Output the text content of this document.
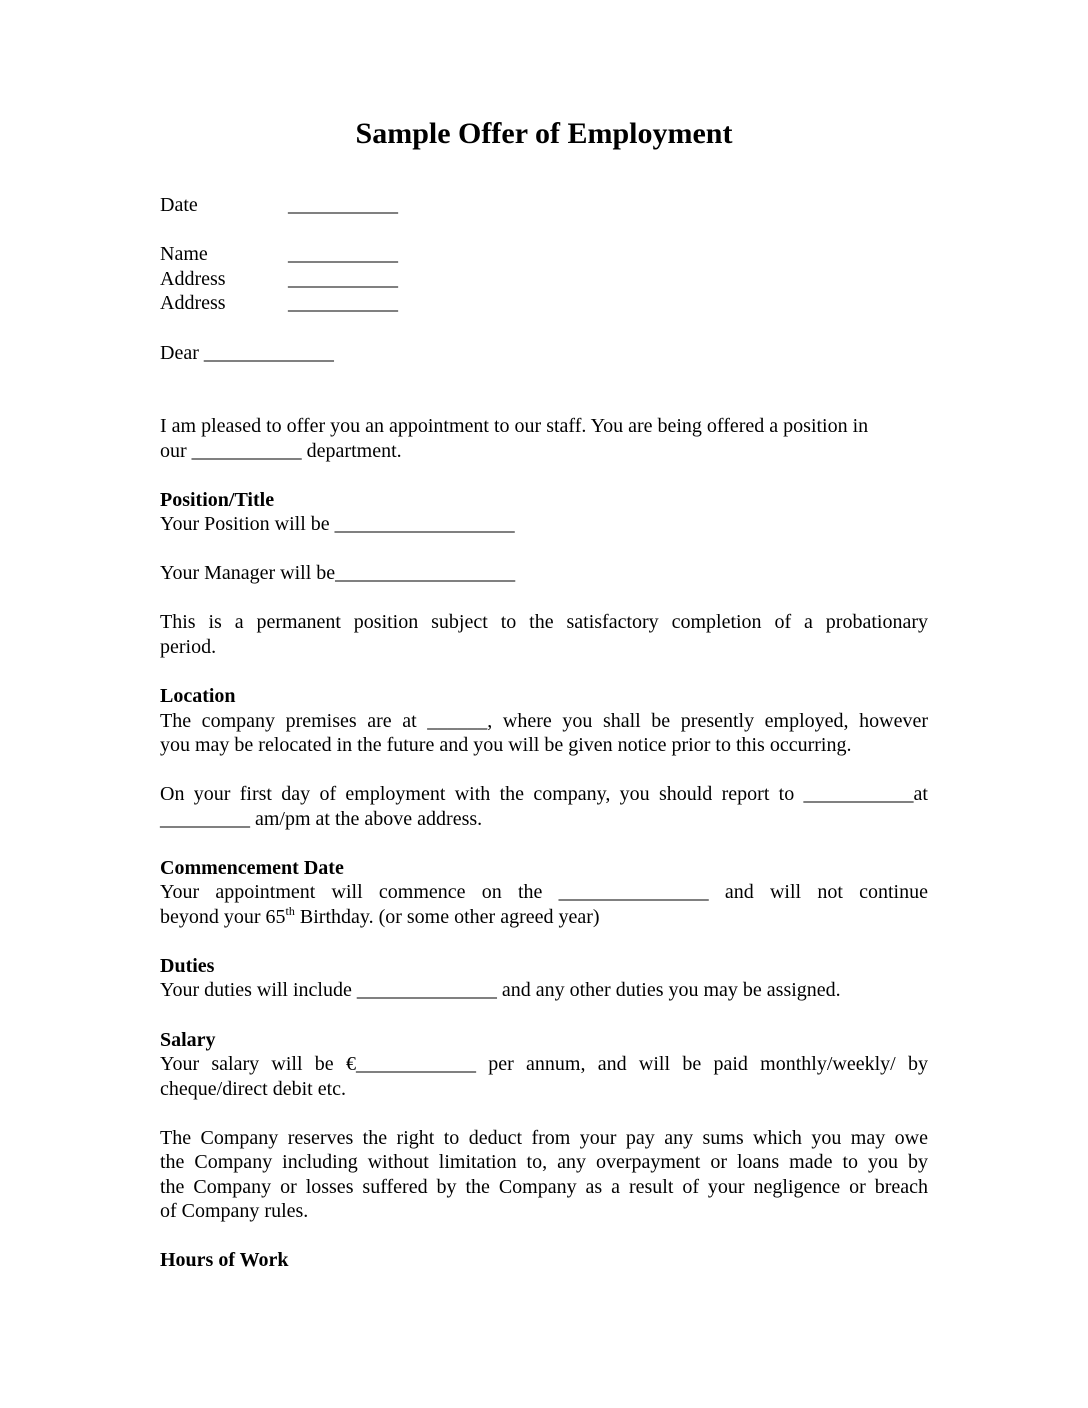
Sample Offer of Employment
Date	___________
Name	___________
Address	___________
Address	___________
Dear _____________
I am pleased to offer you an appointment to our staff. You are being offered a position in
our ___________ department.
Position/Title
Your Position will be __________________
Your Manager will be__________________
This is a permanent position subject to the satisfactory completion of a probationary
period.
Location
The company premises are at ______, where you shall be presently employed, however
you may be relocated in the future and you will be given notice prior to this occurring.
On your first day of employment with the company, you should report to ___________at
_________ am/pm at the above address.
Commencement Date
Your appointment will commence on the _______________ and will not continue
beyond your 65th Birthday. (or some other agreed year)
Duties
Your duties will include ______________ and any other duties you may be assigned.
Salary
Your salary will be €____________ per annum, and will be paid monthly/weekly/ by
cheque/direct debit etc.
The Company reserves the right to deduct from your pay any sums which you may owe
the Company including without limitation to, any overpayment or loans made to you by
the Company or losses suffered by the Company as a result of your negligence or breach
of Company rules.
Hours of Work
